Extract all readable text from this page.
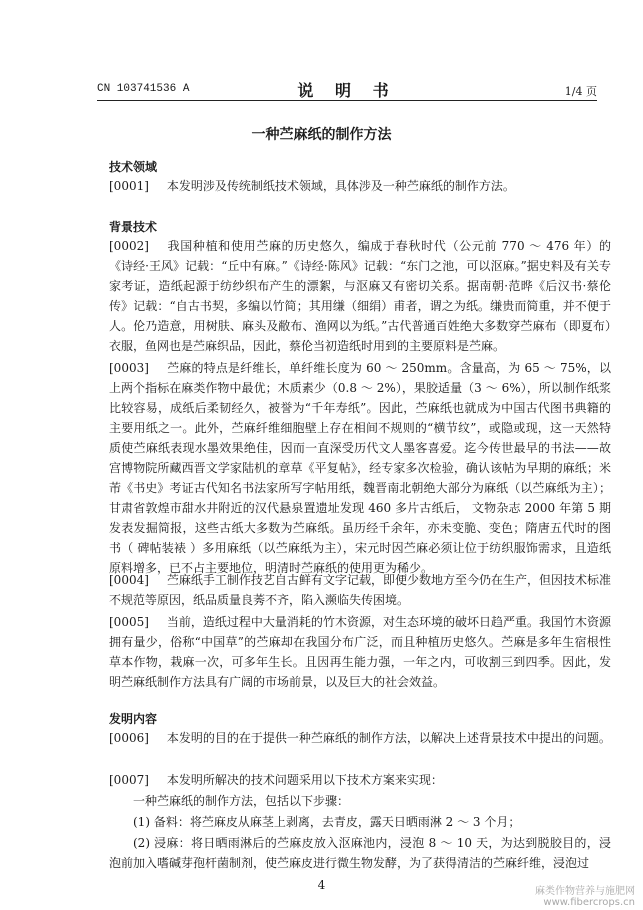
CN 103741536 A	说 明 书	1/4 页
一种苎麻纸的制作方法
技术领域
[0001] 本发明涉及传统制纸技术领域，具体涉及一种苎麻纸的制作方法。
背景技术
[0002] 我国种植和使用苎麻的历史悠久，编成于春秋时代（公元前 770 ～ 476 年）的《诗经·王风》记载：“丘中有麻。”《诗经·陈风》记载：“东门之池，可以沤麻。”据史料及有关专家考证，造纸起源于纺纱织布产生的漂絮，与沤麻又有密切关系。据南朝·范晔《后汉书·蔡伦传》记载：“自古书契，多编以竹简；其用缣（细绢）甫者，谓之为纸。缣贵而简重，并不便于人。伦乃造意，用树肤、麻头及敝布、渔网以为纸。”古代普通百姓绝大多数穿苎麻布（即夏布）衣服，鱼网也是苎麻织品，因此，蔡伦当初造纸时用到的主要原料是苎麻。
[0003] 苎麻的特点是纤维长，单纤维长度为 60 ～ 250mm。含量高，为 65 ～ 75%，以上两个指标在麻类作物中最优；木质素少（0.8 ～ 2%），果胶适量（3 ～ 6%），所以制作纸浆比较容易，成纸后柔韧经久，被誉为“千年寿纸”。因此，苎麻纸也就成为中国古代图书典籍的主要用纸之一。此外，苎麻纤维细胞壁上存在相间不规则的“横节纹”，或隐或现，这一天然特质使苎麻纸表现水墨效果绝佳，因而一直深受历代文人墨客喜爱。迄今传世最早的书法——故宫博物院所藏西晋文学家陆机的章草《平复帖》，经专家多次检验，确认该帖为早期的麻纸；米芾《书史》考证古代知名书法家所写字帖用纸，魏晋南北朝绝大部分为麻纸（以苎麻纸为主）；甘肃省敦煌市甜水井附近的汉代悬泉置遗址发现 460 多片古纸后， 文物杂志 2000 年第 5 期发表发掘简报，这些古纸大多数为苎麻纸。虽历经千余年，亦未变脆、变色；隋唐五代时的图书（ 碑帖装裱 ）多用麻纸（以苎麻纸为主），宋元时因苎麻必须让位于纺织服饰需求，且造纸原料增多，已不占主要地位，明清时苎麻纸的使用更为稀少。
[0004] 苎麻纸手工制作技艺自古鲜有文字记载，即便少数地方至今仍在生产，但因技术标准不规范等原因，纸品质量良莠不齐，陷入濒临失传困境。
[0005] 当前，造纸过程中大量消耗的竹木资源，对生态环境的破坏日趋严重。我国竹木资源拥有量少，俗称“中国草”的苎麻却在我国分布广泛，而且种植历史悠久。苎麻是多年生宿根性草本作物，栽麻一次，可多年生长。且因再生能力强，一年之内，可收割三到四季。因此，发明苎麻纸制作方法具有广阔的市场前景，以及巨大的社会效益。
发明内容
[0006] 本发明的目的在于提供一种苎麻纸的制作方法，以解决上述背景技术中提出的问题。
[0007] 本发明所解决的技术问题采用以下技术方案来实现：
一种苎麻纸的制作方法，包括以下步骤：
(1) 备料：将苎麻皮从麻茎上剥离，去青皮，露天日晒雨淋 2 ～ 3 个月；
(2) 浸麻：将日晒雨淋后的苎麻皮放入沤麻池内，浸泡 8 ～ 10 天，为达到脱胶目的，浸泡前加入嗜碱芽孢杆菌制剂，使苎麻皮进行微生物发酵，为了获得清洁的苎麻纤维，浸泡过
4	麻类作物营养与施肥网
www.fibercrops.cn
